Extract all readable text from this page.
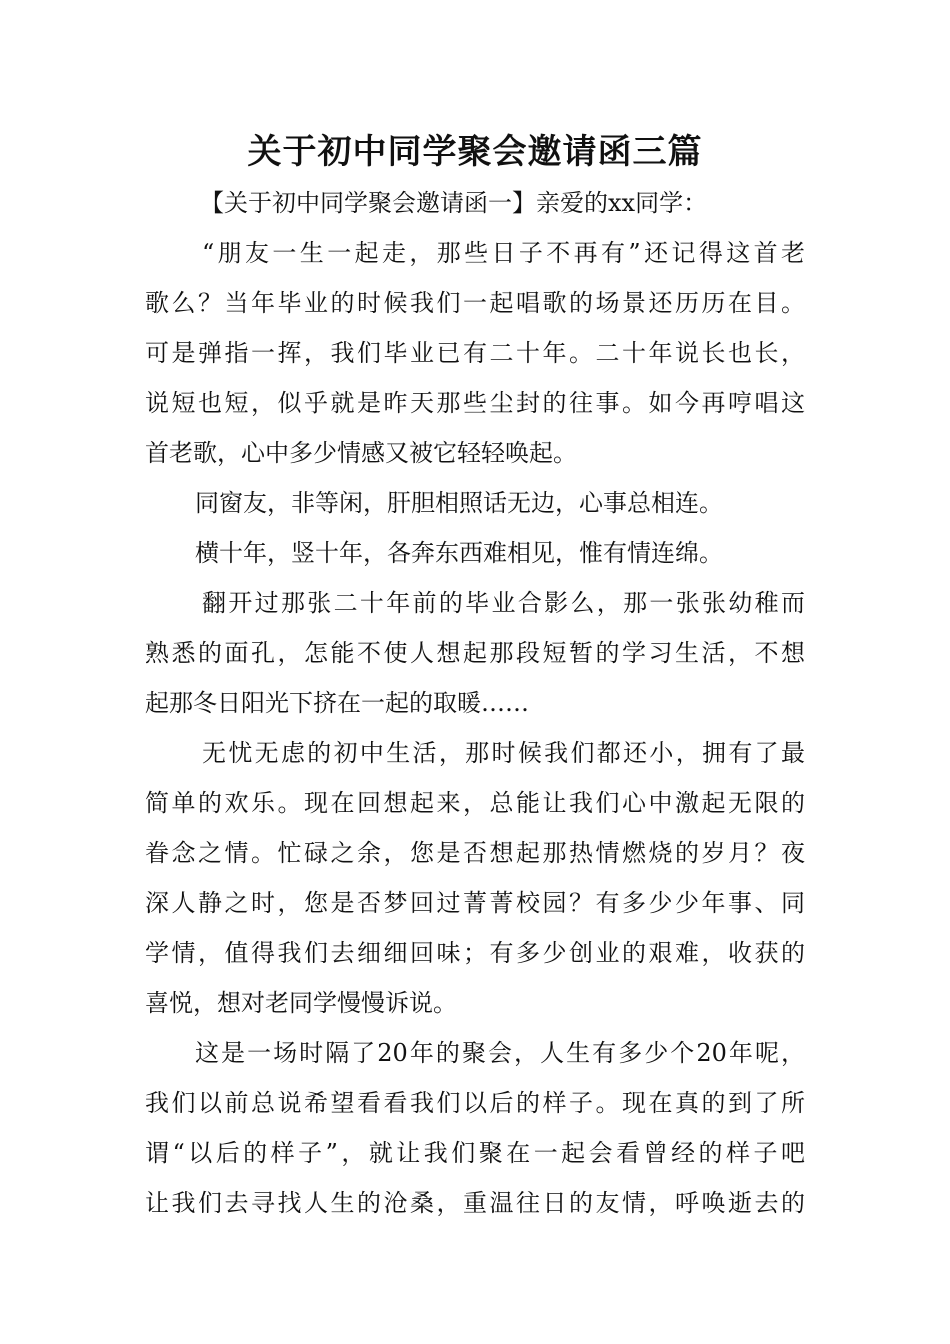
关于初中同学聚会邀请函三篇

【关于初中同学聚会邀请函一】亲爱的xx同学：

“朋友一生一起走，那些日子不再有”还记得这首老

歌么？当年毕业的时候我们一起唱歌的场景还历历在目。

可是弹指一挥，我们毕业已有二十年。二十年说长也长，

说短也短，似乎就是昨天那些尘封的往事。如今再哼唱这

首老歌，心中多少情感又被它轻轻唤起。

同窗友，非等闲，肝胆相照话无边，心事总相连。

横十年，竖十年，各奔东西难相见，惟有情连绵。

翻开过那张二十年前的毕业合影么，那一张张幼稚而

熟悉的面孔，怎能不使人想起那段短暂的学习生活，不想

起那冬日阳光下挤在一起的取暖……

无忧无虑的初中生活，那时候我们都还小，拥有了最

简单的欢乐。现在回想起来，总能让我们心中激起无限的

眷念之情。忙碌之余，您是否想起那热情燃烧的岁月？夜

深人静之时，您是否梦回过菁菁校园？有多少少年事、同

学情，值得我们去细细回味；有多少创业的艰难，收获的

喜悦，想对老同学慢慢诉说。

这是一场时隔了20年的聚会，人生有多少个20年呢，

我们以前总说希望看看我们以后的样子。现在真的到了所

谓“以后的样子”，就让我们聚在一起会看曾经的样子吧

让我们去寻找人生的沧桑，重温往日的友情，呼唤逝去的
